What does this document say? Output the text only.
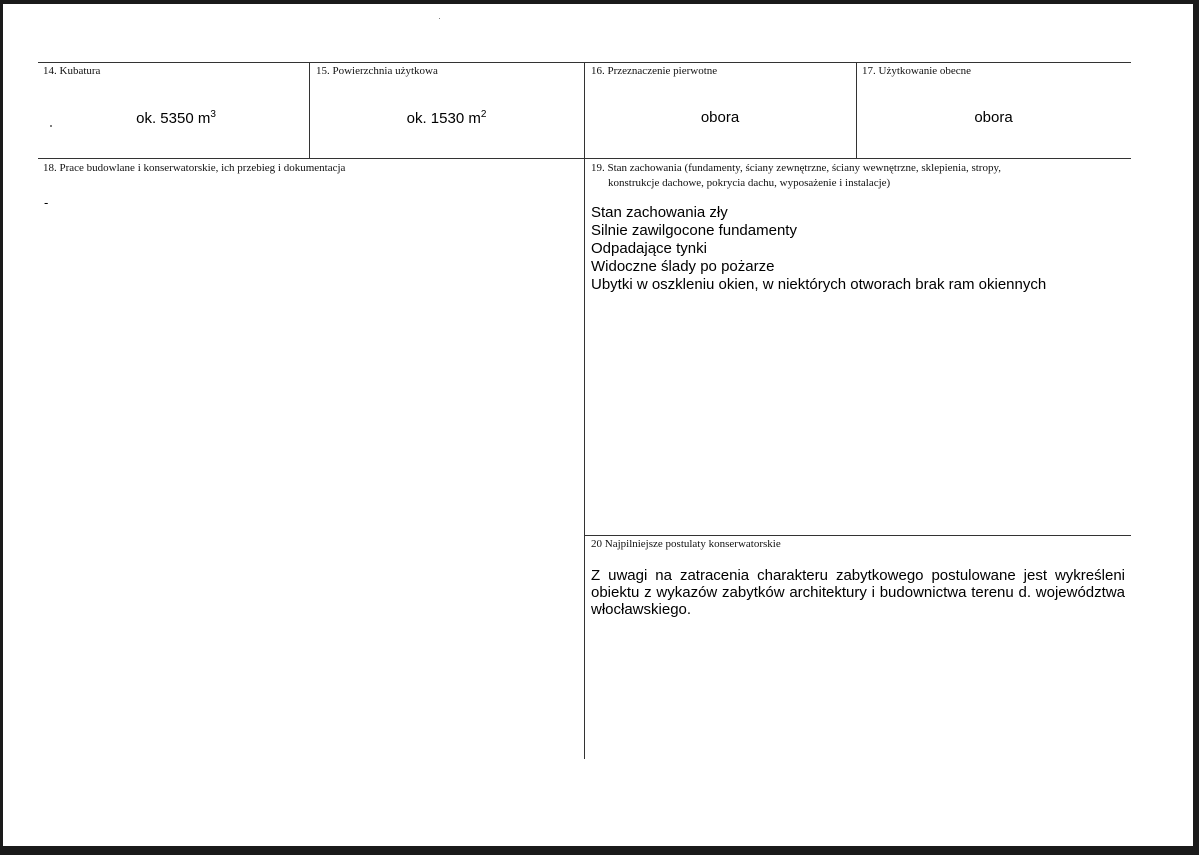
14. Kubatura
ok. 5350 $m^3$
15. Powierzchnia użytkowa
ok. 1530 $m^2$
16. Przeznaczenie pierwotne
obora
17. Użytkowanie obecne
obora
18. Prace budowlane i konserwatorskie, ich przebieg i dokumentacja
-
19. Stan zachowania (fundamenty, ściany zewnętrzne, ściany wewnętrzne, sklepienia, stropy,
konstrukcje dachowe, pokrycia dachu, wyposażenie i instalacje)
Stan zachowania zły
Silnie zawilgocone fundamenty
Odpadające tynki
Widoczne ślady po pożarze
Ubytki w oszkleniu okien, w niektórych otworach brak ram okiennych
20 Najpilniejsze postulaty konserwatorskie
Z uwagi na zatracenia charakteru zabytkowego postulowane jest wykreśleni obiektu z wykazów zabytków architektury i budownictwa terenu d. województwa włocławskiego.
